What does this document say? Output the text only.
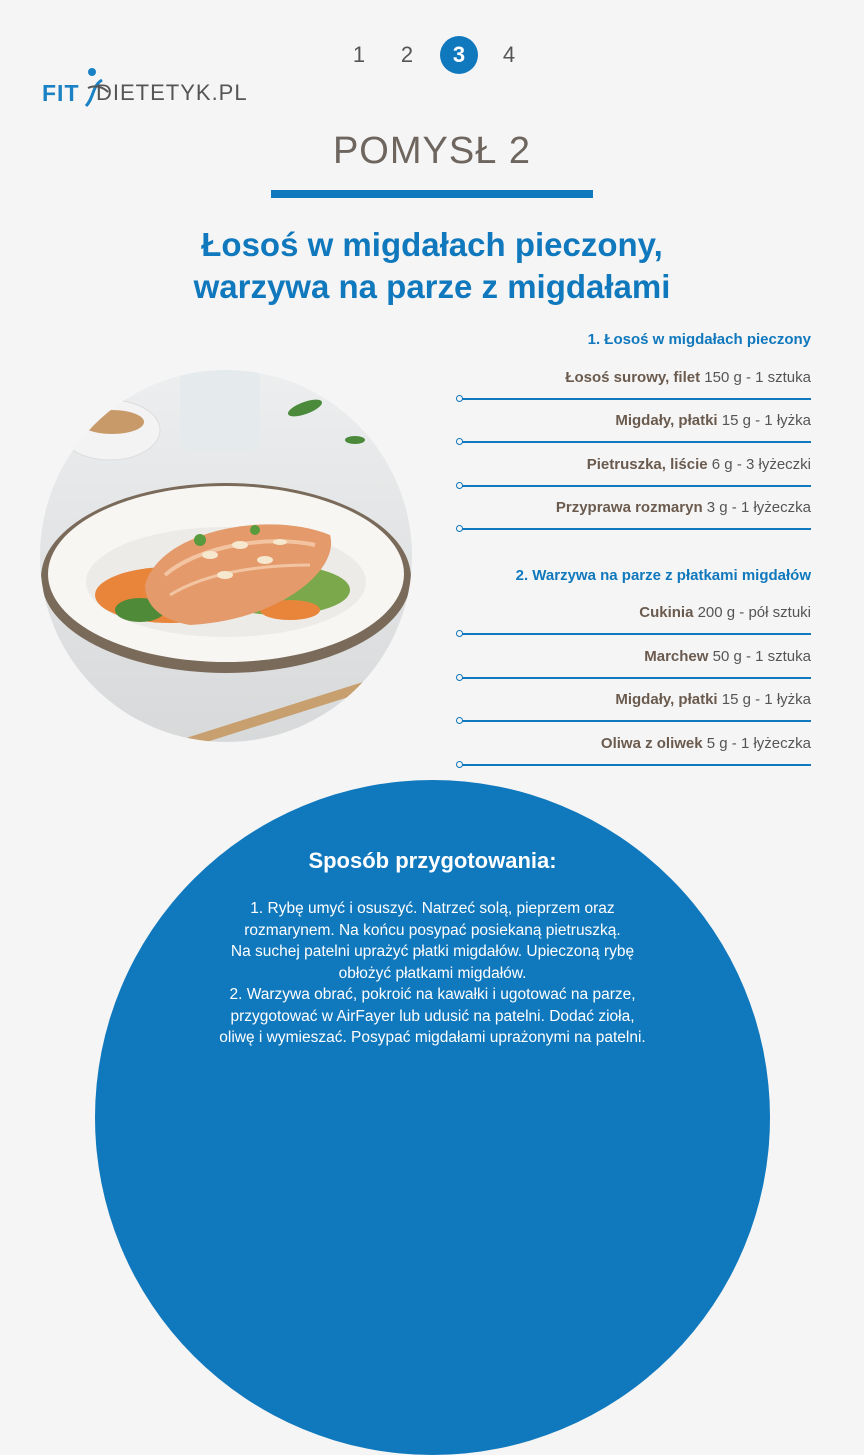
1	2	3	4
FIT DIETETYK.PL
POMYSŁ 2
Łosoś w migdałach pieczony,
warzywa na parze z migdałami
1. Łosoś w migdałach pieczony
Łosoś surowy, filet 150 g - 1 sztuka
Migdały, płatki 15 g - 1 łyżka
Pietruszka, liście 6 g - 3 łyżeczki
Przyprawa rozmaryn 3 g - 1 łyżeczka
2. Warzywa na parze z płatkami migdałów
Cukinia 200 g - pół sztuki
Marchew 50 g - 1 sztuka
Migdały, płatki 15 g - 1 łyżka
Oliwa z oliwek 5 g - 1 łyżeczka
Sposób przygotowania:
1. Rybę umyć i osuszyć. Natrzeć solą, pieprzem oraz
rozmarynem. Na końcu posypać posiekaną pietruszką.
Na suchej patelni uprażyć płatki migdałów. Upieczoną rybę
obłożyć płatkami migdałów.
2. Warzywa obrać, pokroić na kawałki i ugotować na parze,
przygotować w AirFayer lub udusić na patelni. Dodać zioła,
oliwę i wymieszać. Posypać migdałami uprażonymi na patelni.
